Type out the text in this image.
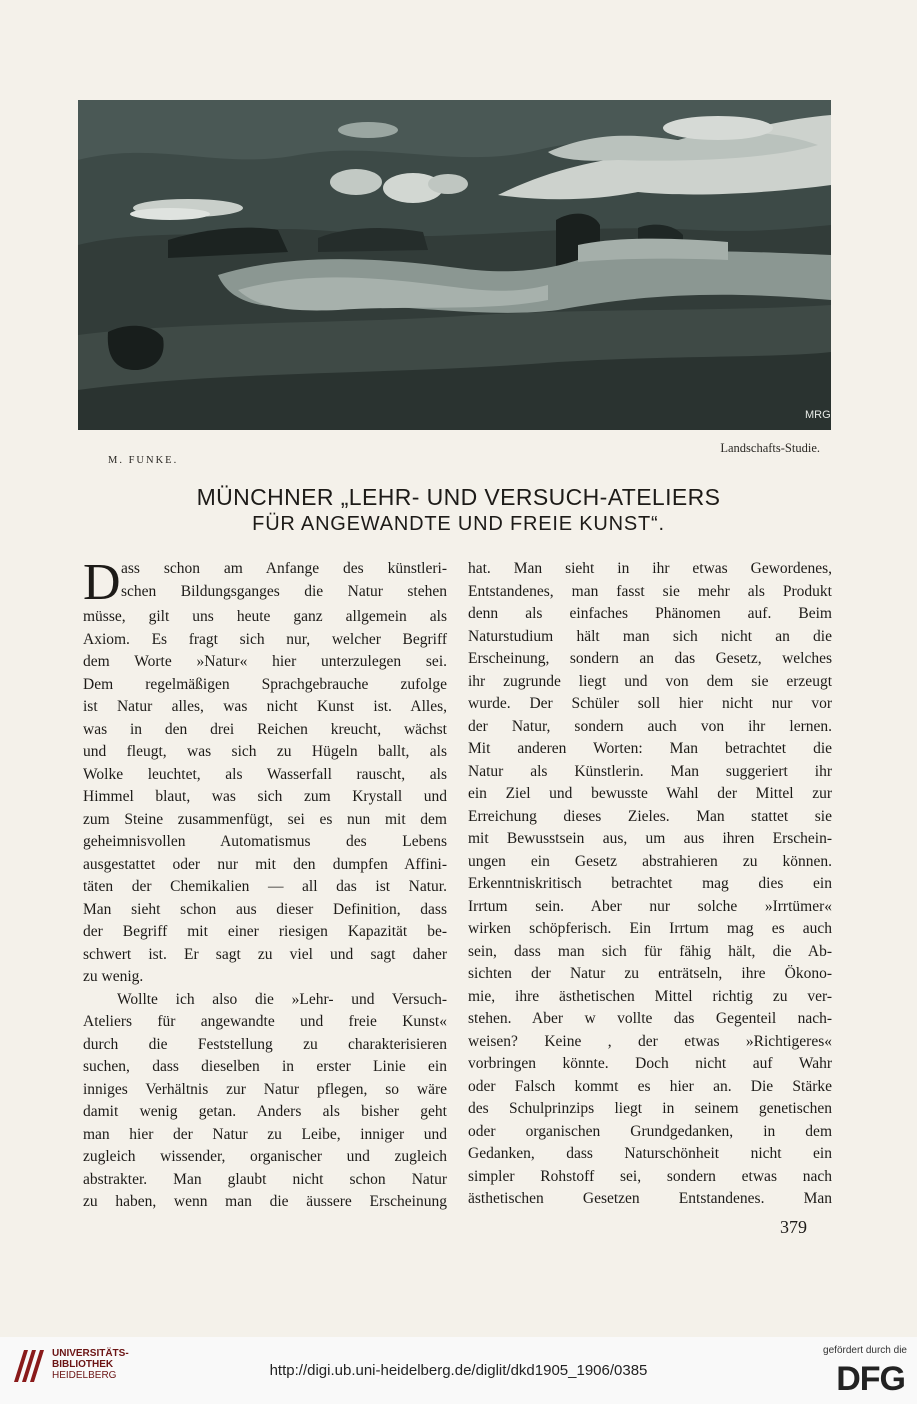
MRG
M. FUNKE.
Landschafts-Studie.
MÜNCHNER „LEHR- UND VERSUCH-ATELIERS
FÜR ANGEWANDTE UND FREIE KUNST“.
D ass schon am Anfange des künstleri-
schen Bildungsganges die Natur stehen
müsse, gilt uns heute ganz allgemein als
Axiom. Es fragt sich nur, welcher Begriff
dem Worte »Natur« hier unterzulegen sei.
Dem regelmäßigen Sprachgebrauche zufolge
ist Natur alles, was nicht Kunst ist. Alles,
was in den drei Reichen kreucht, wächst
und fleugt, was sich zu Hügeln ballt, als
Wolke leuchtet, als Wasserfall rauscht, als
Himmel blaut, was sich zum Krystall und
zum Steine zusammenfügt, sei es nun mit dem
geheimnisvollen Automatismus des Lebens
ausgestattet oder nur mit den dumpfen Affini-
täten der Chemikalien — all das ist Natur.
Man sieht schon aus dieser Definition, dass
der Begriff mit einer riesigen Kapazität be-
schwert ist. Er sagt zu viel und sagt daher
zu wenig.
Wollte ich also die »Lehr- und Versuch-
Ateliers für angewandte und freie Kunst«
durch die Feststellung zu charakterisieren
suchen, dass dieselben in erster Linie ein
inniges Verhältnis zur Natur pflegen, so wäre
damit wenig getan. Anders als bisher geht
man hier der Natur zu Leibe, inniger und
zugleich wissender, organischer und zugleich
abstrakter. Man glaubt nicht schon Natur
zu haben, wenn man die äussere Erscheinung
hat. Man sieht in ihr etwas Gewordenes,
Entstandenes, man fasst sie mehr als Produkt
denn als einfaches Phänomen auf. Beim
Naturstudium hält man sich nicht an die
Erscheinung, sondern an das Gesetz, welches
ihr zugrunde liegt und von dem sie erzeugt
wurde. Der Schüler soll hier nicht nur vor
der Natur, sondern auch von ihr lernen.
Mit anderen Worten: Man betrachtet die
Natur als Künstlerin. Man suggeriert ihr
ein Ziel und bewusste Wahl der Mittel zur
Erreichung dieses Zieles. Man stattet sie
mit Bewusstsein aus, um aus ihren Erschein-
ungen ein Gesetz abstrahieren zu können.
Erkenntniskritisch betrachtet mag dies ein
Irrtum sein. Aber nur solche »Irrtümer«
wirken schöpferisch. Ein Irrtum mag es auch
sein, dass man sich für fähig hält, die Ab-
sichten der Natur zu enträtseln, ihre Ökono-
mie, ihre ästhetischen Mittel richtig zu ver-
stehen. Aber w vollte das Gegenteil nach-
weisen? Keine , der etwas »Richtigeres«
vorbringen könnte. Doch nicht auf Wahr
oder Falsch kommt es hier an. Die Stärke
des Schulprinzips liegt in seinem genetischen
oder organischen Grundgedanken, in dem
Gedanken, dass Naturschönheit nicht ein
simpler Rohstoff sei, sondern etwas nach
ästhetischen Gesetzen Entstandenes. Man
379
UNIVERSITÄTS-
BIBLIOTHEK
HEIDELBERG	http://digi.ub.uni-heidelberg.de/diglit/dkd1905_1906/0385
gefördert durch die
DFG
